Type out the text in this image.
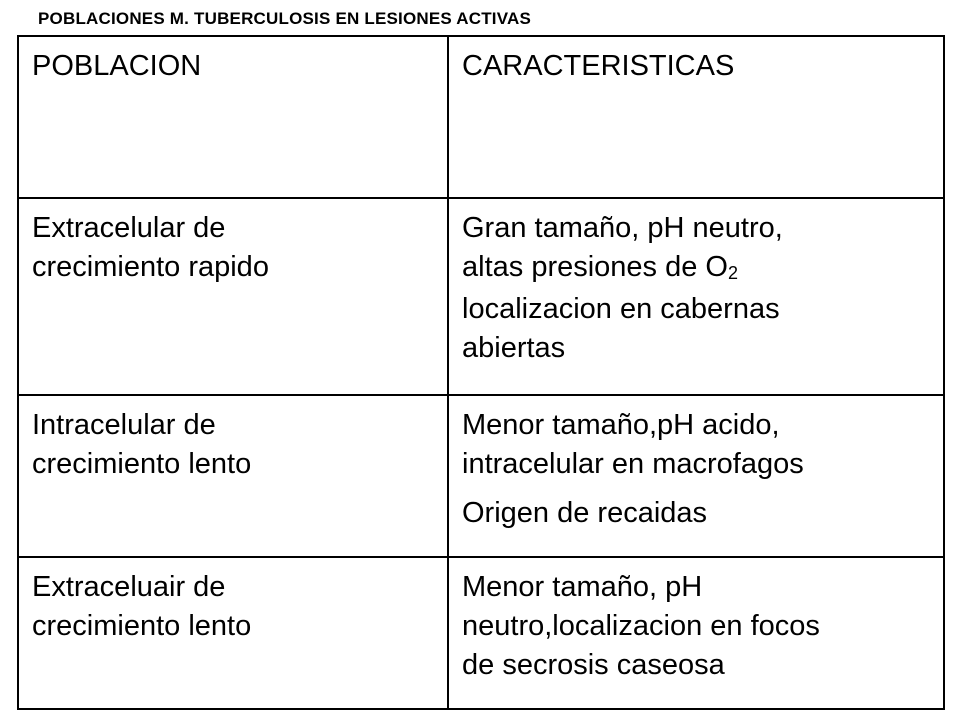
POBLACIONES M. TUBERCULOSIS EN LESIONES ACTIVAS
POBLACION	CARACTERISTICAS

Extracelular de
crecimiento rapido	Gran tamaño, pH neutro,
altas presiones de $O_2$
localizacion en cabernas
abiertas

Intracelular de
crecimiento lento	Menor tamaño,pH acido,
intracelular en macrofagos
Origen de recaidas

Extraceluair de
crecimiento lento	Menor tamaño, pH
neutro,localizacion en focos
de secrosis caseosa
